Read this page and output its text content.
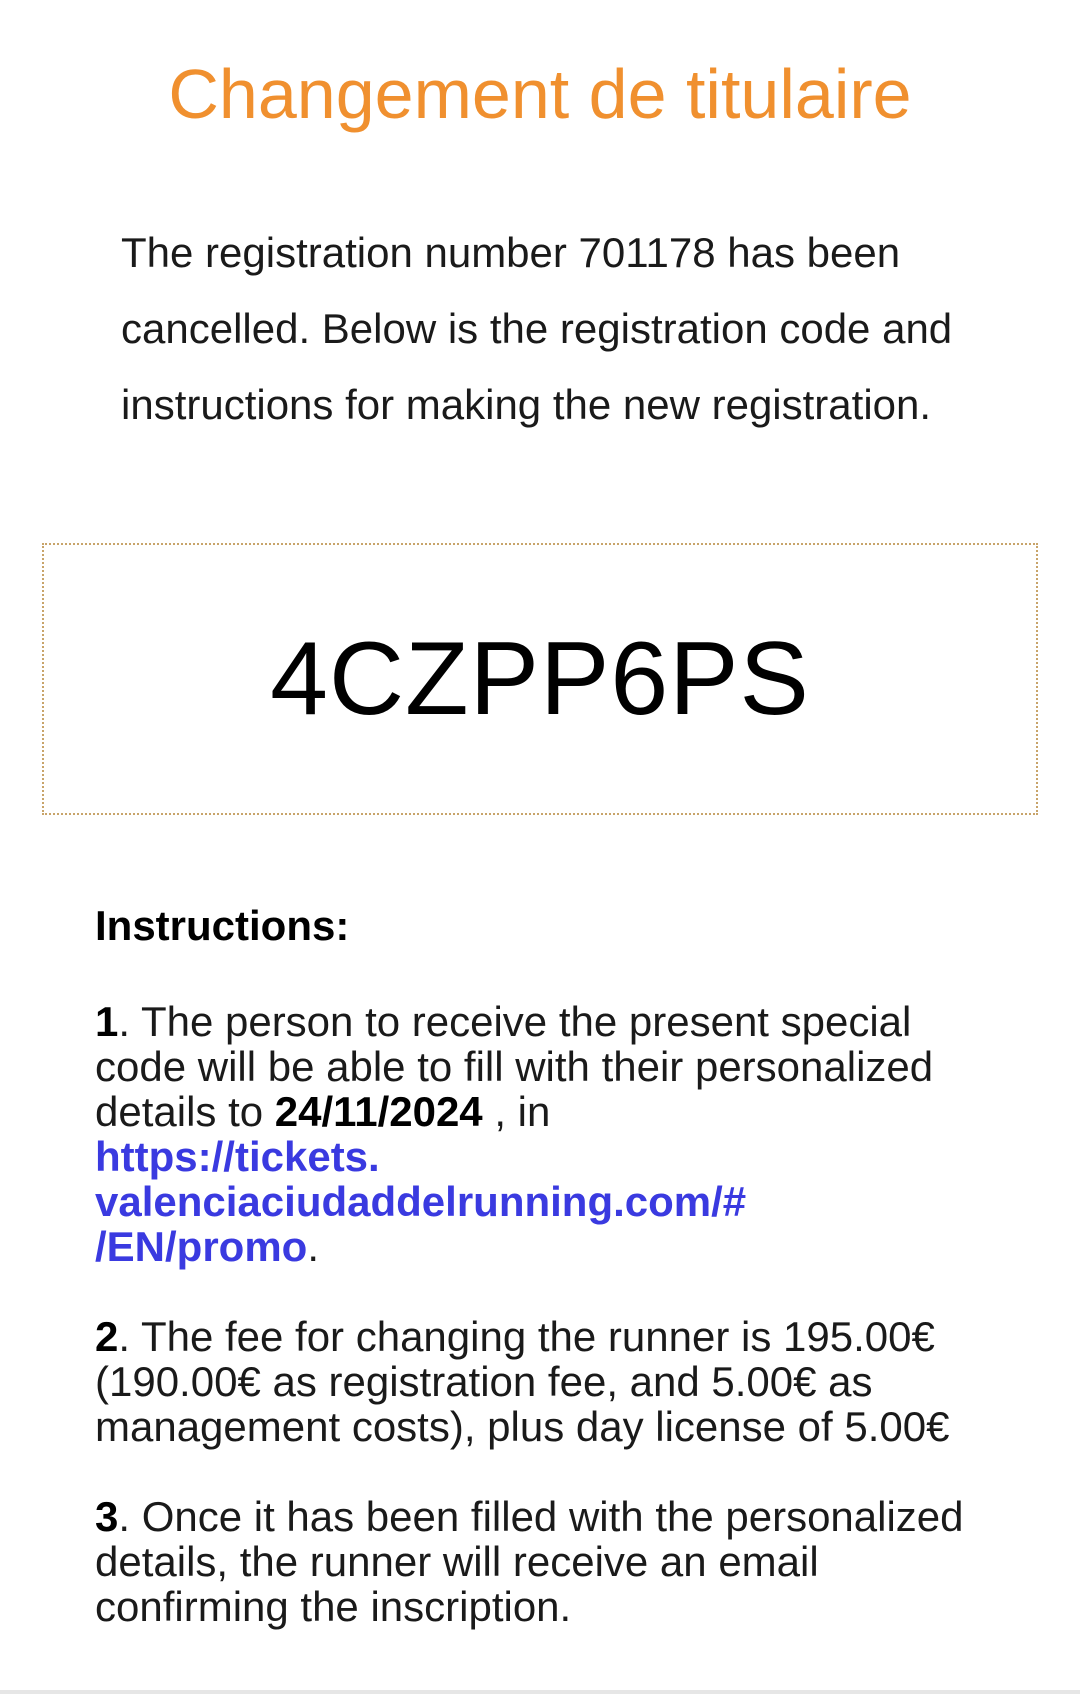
Changement de titulaire

The registration number 701178 has been cancelled. Below is the registration code and instructions for making the new registration.

4CZPP6PS
Instructions:

1. The person to receive the present special code will be able to fill with their personalized details to 24/11/2024 , in
https://tickets.
valenciaciudaddelrunning.com/#
/EN/promo.

2. The fee for changing the runner is 195.00€ (190.00€ as registration fee, and 5.00€ as management costs), plus day license of 5.00€

3. Once it has been filled with the personalized details, the runner will receive an email confirming the inscription.
